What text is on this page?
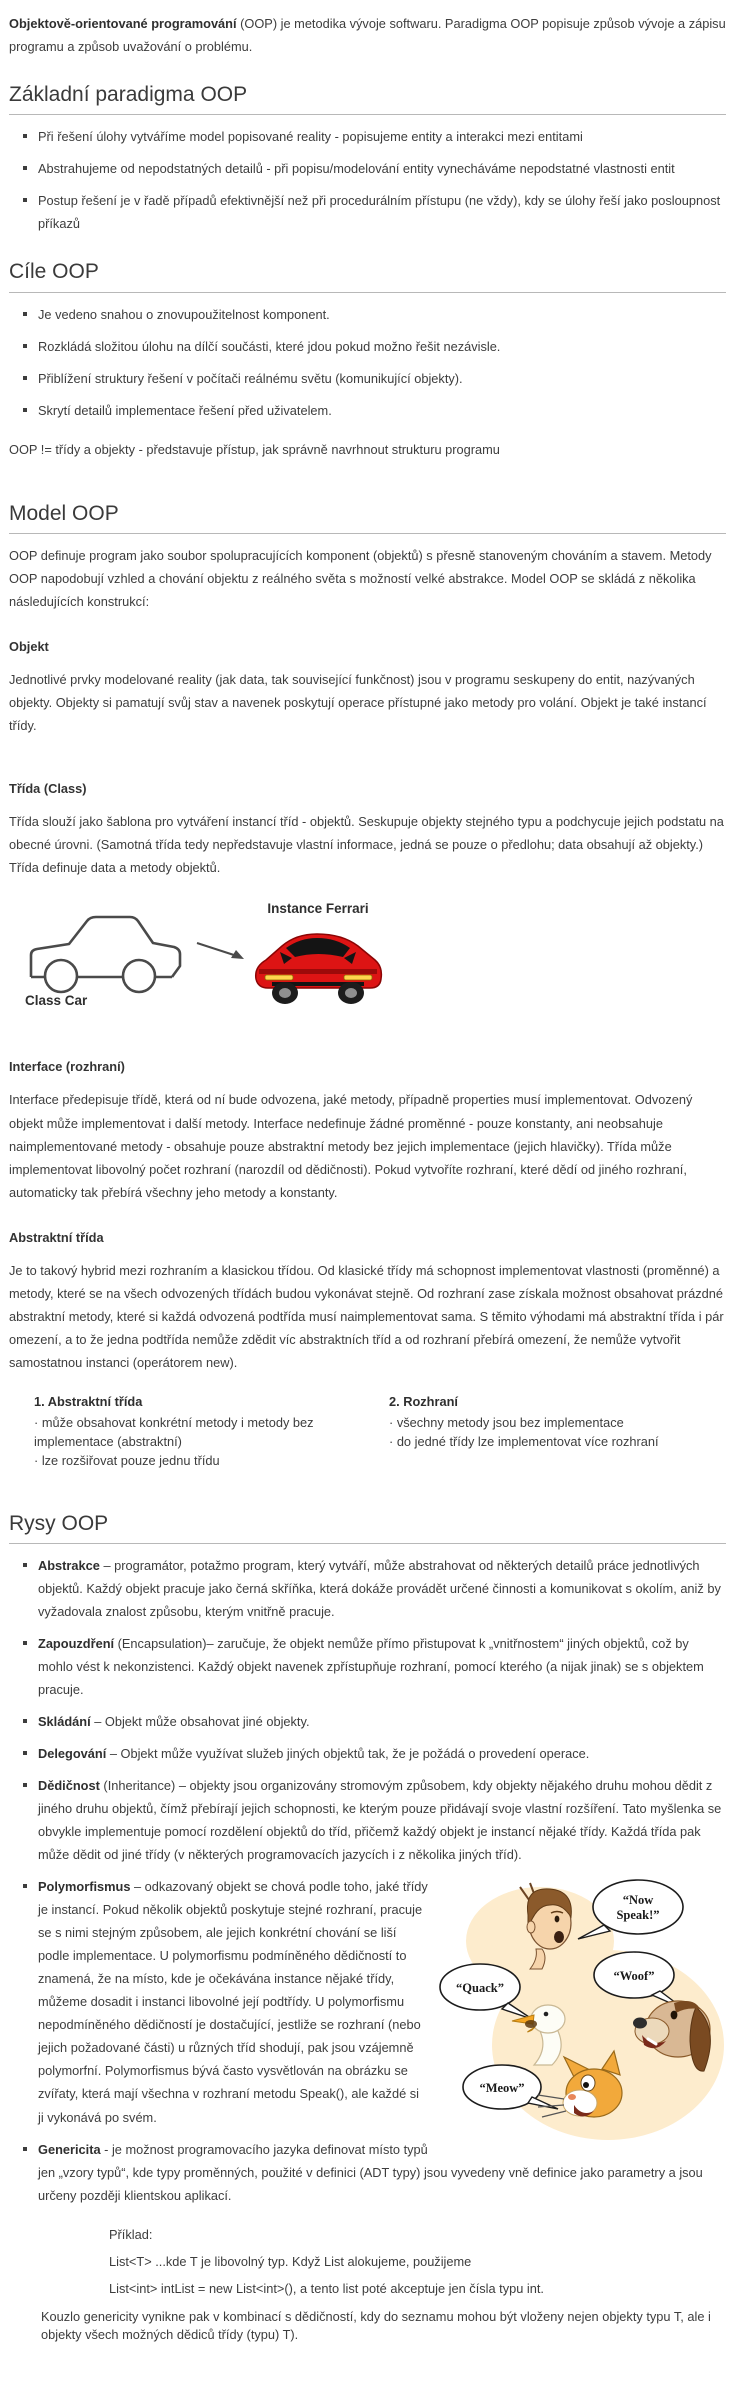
Objektově-orientované programování (OOP) je metodika vývoje softwaru. Paradigma OOP popisuje způsob vývoje a zápisu programu a způsob uvažování o problému.

Základní paradigma OOP
Při řešení úlohy vytváříme model popisované reality - popisujeme entity a interakci mezi entitami
Abstrahujeme od nepodstatných detailů - při popisu/modelování entity vynecháváme nepodstatné vlastnosti entit
Postup řešení je v řadě případů efektivnější než při procedurálním přístupu (ne vždy), kdy se úlohy řeší jako posloupnost příkazů
Cíle OOP
Je vedeno snahou o znovupoužitelnost komponent.
Rozkládá složitou úlohu na dílčí součásti, které jdou pokud možno řešit nezávisle.
Přiblížení struktury řešení v počítači reálnému světu (komunikující objekty).
Skrytí detailů implementace řešení před uživatelem.

OOP != třídy a objekty - představuje přístup, jak správně navrhnout strukturu programu

Model OOP

OOP definuje program jako soubor spolupracujících komponent (objektů) s přesně stanoveným chováním a stavem. Metody OOP napodobují vzhled a chování objektu z reálného světa s možností velké abstrakce. Model OOP se skládá z několika následujících konstrukcí:

Objekt

Jednotlivé prvky modelované reality (jak data, tak související funkčnost) jsou v programu seskupeny do entit, nazývaných objekty. Objekty si pamatují svůj stav a navenek poskytují operace přístupné jako metody pro volání. Objekt je také instancí třídy.

Třída (Class)

Třída slouží jako šablona pro vytváření instancí tříd - objektů. Seskupuje objekty stejného typu a podchycuje jejich podstatu na obecné úrovni. (Samotná třída tedy nepředstavuje vlastní informace, jedná se pouze o předlohu; data obsahují až objekty.) Třída definuje data a metody objektů.

Class Car
Instance Ferrari
Interface (rozhraní)

Interface předepisuje třídě, která od ní bude odvozena, jaké metody, případně properties musí implementovat. Odvozený objekt může implementovat i další metody. Interface nedefinuje žádné proměnné - pouze konstanty, ani neobsahuje naimplementované metody - obsahuje pouze abstraktní metody bez jejich implementace (jejich hlavičky). Třída může implementovat libovolný počet rozhraní (narozdíl od dědičnosti). Pokud vytvoříte rozhraní, které dědí od jiného rozhraní, automaticky tak přebírá všechny jeho metody a konstanty.

Abstraktní třída

Je to takový hybrid mezi rozhraním a klasickou třídou. Od klasické třídy má schopnost implementovat vlastnosti (proměnné) a metody, které se na všech odvozených třídách budou vykonávat stejně. Od rozhraní zase získala možnost obsahovat prázdné abstraktní metody, které si každá odvozená podtřída musí naimplementovat sama. S těmito výhodami má abstraktní třída i pár omezení, a to že jedna podtřída nemůže zdědit víc abstraktních tříd a od rozhraní přebírá omezení, že nemůže vytvořit samostatnou instanci (operátorem new).

1. Abstraktní třída
· může obsahovat konkrétní metody i metody bez implementace (abstraktní)
· lze rozšiřovat pouze jednu třídu
2. Rozhraní
· všechny metody jsou bez implementace
· do jedné třídy lze implementovat více rozhraní
Rysy OOP
Abstrakce – programátor, potažmo program, který vytváří, může abstrahovat od některých detailů práce jednotlivých objektů. Každý objekt pracuje jako černá skříňka, která dokáže provádět určené činnosti a komunikovat s okolím, aniž by vyžadovala znalost způsobu, kterým vnitřně pracuje.
Zapouzdření (Encapsulation)– zaručuje, že objekt nemůže přímo přistupovat k „vnitřnostem“ jiných objektů, což by mohlo vést k nekonzistenci. Každý objekt navenek zpřístupňuje rozhraní, pomocí kterého (a nijak jinak) se s objektem pracuje.
Skládání – Objekt může obsahovat jiné objekty.
Delegování – Objekt může využívat služeb jiných objektů tak, že je požádá o provedení operace.
Dědičnost (Inheritance) – objekty jsou organizovány stromovým způsobem, kdy objekty nějakého druhu mohou dědit z jiného druhu objektů, čímž přebírají jejich schopnosti, ke kterým pouze přidávají svoje vlastní rozšíření. Tato myšlenka se obvykle implementuje pomocí rozdělení objektů do tříd, přičemž každý objekt je instancí nějaké třídy. Každá třída pak může dědit od jiné třídy (v některých programovacích jazycích i z několika jiných tříd).
“Now
Speak!”
“Quack”
“Woof”
“Meow”
Polymorfismus – odkazovaný objekt se chová podle toho, jaké třídy je instancí. Pokud několik objektů poskytuje stejné rozhraní, pracuje se s nimi stejným způsobem, ale jejich konkrétní chování se liší podle implementace. U polymorfismu podmíněného dědičností to znamená, že na místo, kde je očekávána instance nějaké třídy, můžeme dosadit i instanci libovolné její podtřídy. U polymorfismu nepodmíněného dědičností je dostačující, jestliže se rozhraní (nebo jejich požadované části) u různých tříd shodují, pak jsou vzájemně polymorfní. Polymorfismus bývá často vysvětlován na obrázku se zvířaty, která mají všechna v rozhraní metodu Speak(), ale každé si ji vykonává po svém.
Genericita - je možnost programovacího jazyka definovat místo typů jen „vzory typů“, kde typy proměnných, použité v definici (ADT typy) jsou vyvedeny vně definice jako parametry a jsou určeny později klientskou aplikací.
Příklad:
List<T> ...kde T je libovolný typ. Když List alokujeme, použijeme
List<int> intList = new List<int>(), a tento list poté akceptuje jen čísla typu int.

Kouzlo genericity vynikne pak v kombinací s dědičností, kdy do seznamu mohou být vloženy nejen objekty typu T, ale i objekty všech možných dědiců třídy (typu) T).
